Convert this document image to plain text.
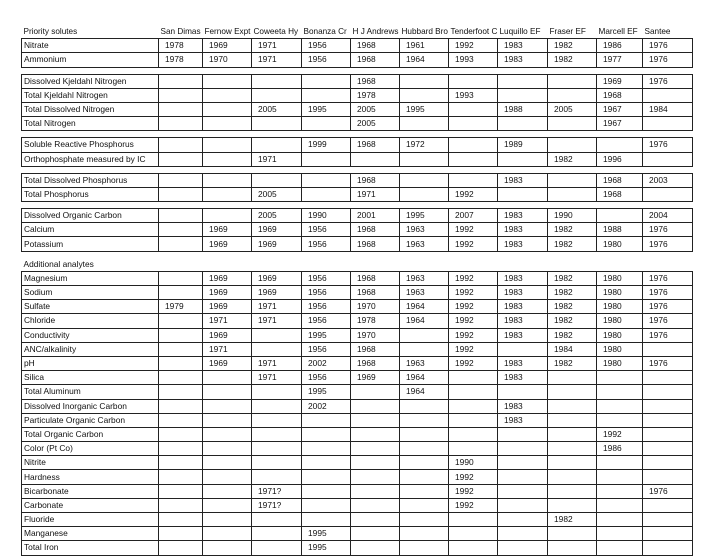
Priority solutes	San Dimas	Fernow Expt	Coweeta Hy	Bonanza Cr	H J Andrews	Hubbard Bro	Tenderfoot C	Luquillo EF	Fraser EF	Marcell EF	Santee
Nitrate	1978	1969	1971	1956	1968	1961	1992	1983	1982	1986	1976
Ammonium	1978	1970	1971	1956	1968	1964	1993	1983	1982	1977	1976

Dissolved Kjeldahl Nitrogen					1968					1969	1976
Total Kjeldahl Nitrogen					1978		1993			1968	
Total Dissolved Nitrogen			2005	1995	2005	1995		1988	2005	1967	1984
Total Nitrogen					2005					1967	

Soluble Reactive Phosphorus				1999	1968	1972		1989			1976
Orthophosphate measured by IC			1971						1982	1996	

Total Dissolved Phosphorus					1968			1983		1968	2003
Total Phosphorus			2005		1971		1992			1968	

Dissolved Organic Carbon			2005	1990	2001	1995	2007	1983	1990		2004
Calcium		1969	1969	1956	1968	1963	1992	1983	1982	1988	1976
Potassium		1969	1969	1956	1968	1963	1992	1983	1982	1980	1976

Additional analytes											
Magnesium		1969	1969	1956	1968	1963	1992	1983	1982	1980	1976
Sodium		1969	1969	1956	1968	1963	1992	1983	1982	1980	1976
Sulfate	1979	1969	1971	1956	1970	1964	1992	1983	1982	1980	1976
Chloride		1971	1971	1956	1978	1964	1992	1983	1982	1980	1976
Conductivity		1969		1995	1970		1992	1983	1982	1980	1976
ANC/alkalinity		1971		1956	1968		1992		1984	1980	
pH		1969	1971	2002	1968	1963	1992	1983	1982	1980	1976
Silica			1971	1956	1969	1964		1983			
Total Aluminum				1995		1964					
Dissolved Inorganic Carbon				2002				1983			
Particulate Organic Carbon								1983			
Total Organic Carbon										1992	
Color (Pt Co)										1986	
Nitrite							1990				
Hardness							1992				
Bicarbonate			1971?				1992				1976
Carbonate			1971?				1992				
Fluoride									1982		
Manganese				1995							
Total Iron				1995							
